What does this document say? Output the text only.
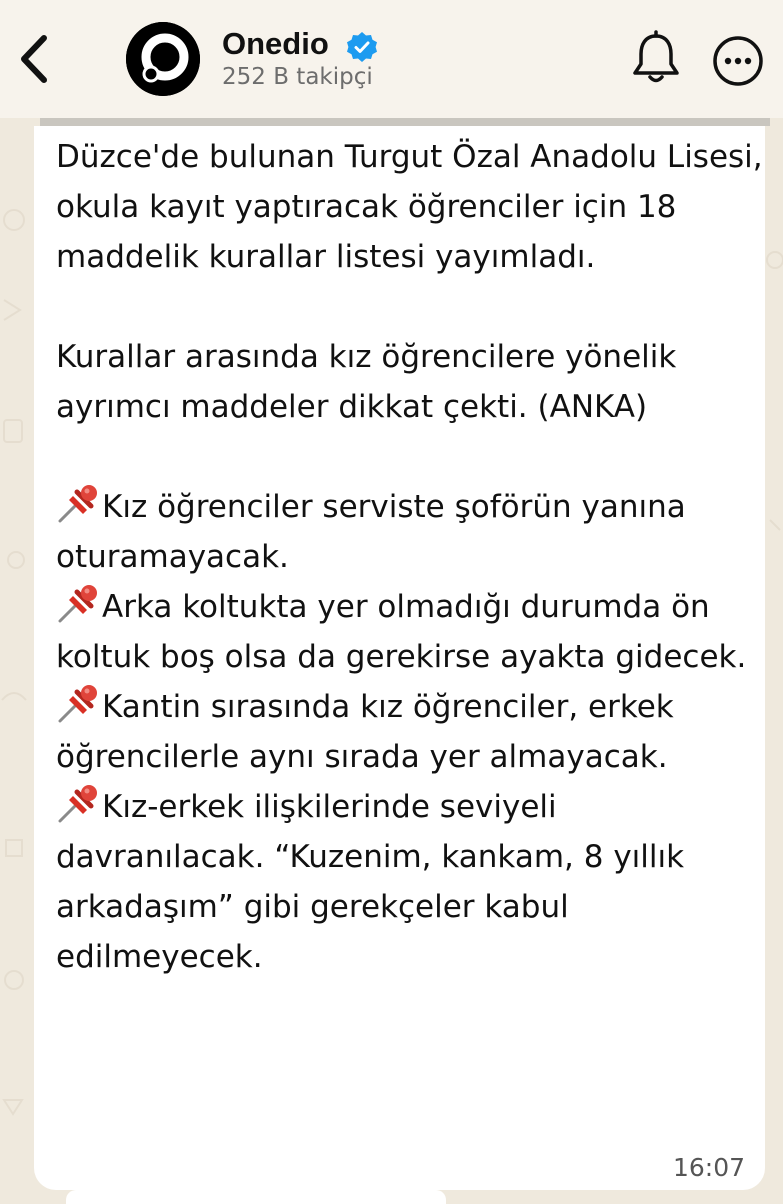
Onedio
252 B takipçi

Düzce'de bulunan Turgut Özal Anadolu Lisesi, okula kayıt yaptıracak öğrenciler için 18 maddelik kurallar listesi yayımladı.

Kurallar arasında kız öğrencilere yönelik ayrımcı maddeler dikkat çekti. (ANKA)

Kız öğrenciler serviste şoförün yanına oturamayacak.

Arka koltukta yer olmadığı durumda ön koltuk boş olsa da gerekirse ayakta gidecek.

Kantin sırasında kız öğrenciler, erkek öğrencilerle aynı sırada yer almayacak.

Kız-erkek ilişkilerinde seviyeli davranılacak. “Kuzenim, kankam, 8 yıllık arkadaşım” gibi gerekçeler kabul edilmeyecek.

16:07
